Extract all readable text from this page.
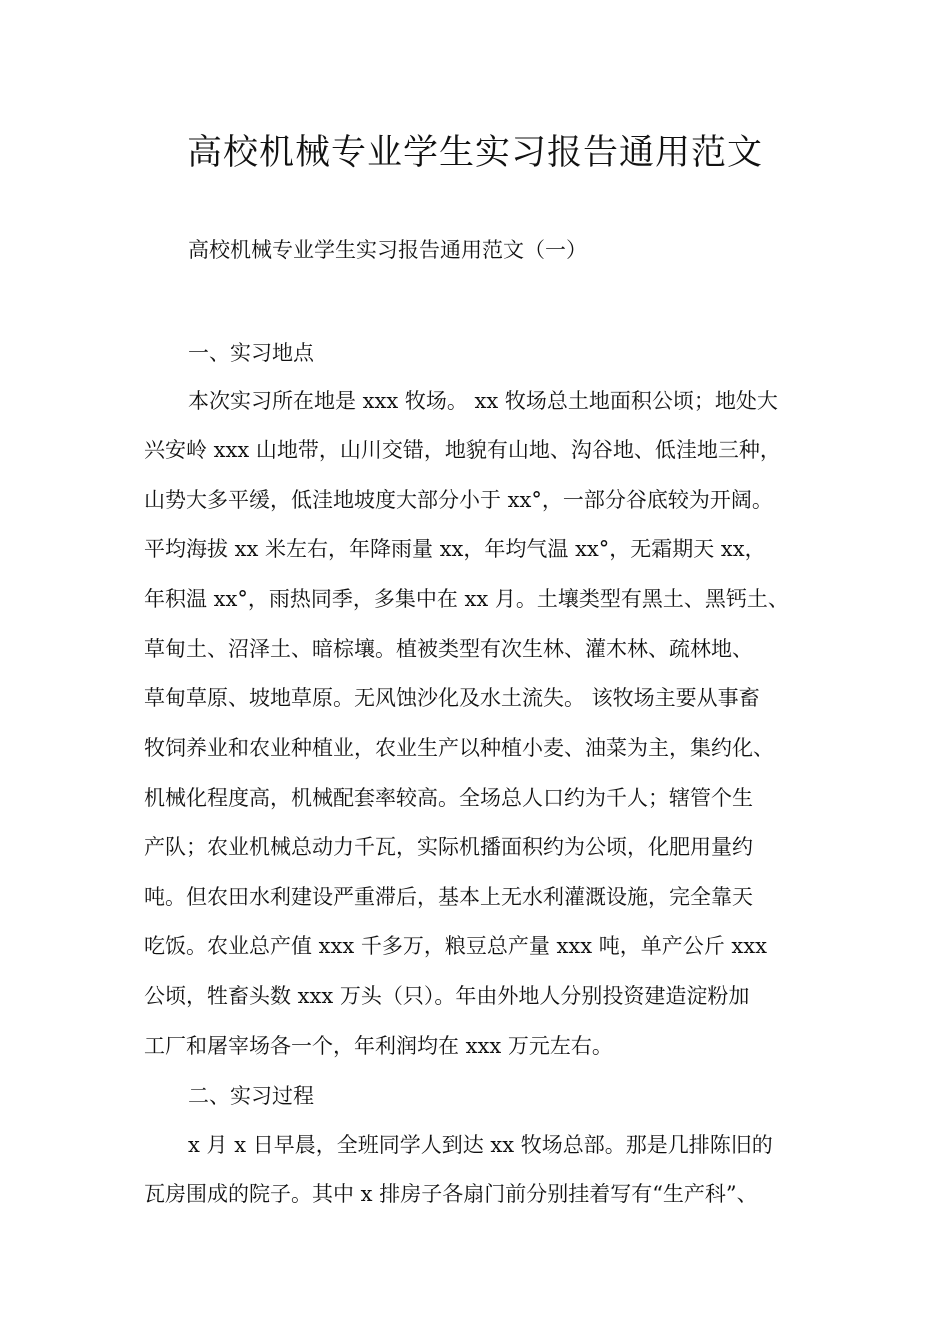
高校机械专业学生实习报告通用范文

高校机械专业学生实习报告通用范文（一）

一、实习地点

本次实习所在地是 xxx 牧场。 xx 牧场总土地面积公顷；地处大

兴安岭 xxx 山地带，山川交错，地貌有山地、沟谷地、低洼地三种，

山势大多平缓，低洼地坡度大部分小于 xx°，一部分谷底较为开阔。

平均海拔 xx 米左右，年降雨量 xx，年均气温 xx°，无霜期天 xx，

年积温 xx°，雨热同季，多集中在 xx 月。土壤类型有黑土、黑钙土、

草甸土、沼泽土、暗棕壤。植被类型有次生林、灌木林、疏林地、

草甸草原、坡地草原。无风蚀沙化及水土流失。 该牧场主要从事畜

牧饲养业和农业种植业，农业生产以种植小麦、油菜为主，集约化、

机械化程度高，机械配套率较高。全场总人口约为千人；辖管个生

产队；农业机械总动力千瓦，实际机播面积约为公顷，化肥用量约

吨。但农田水利建设严重滞后，基本上无水利灌溉设施，完全靠天

吃饭。农业总产值 xxx 千多万，粮豆总产量 xxx 吨，单产公斤 xxx

公顷，牲畜头数 xxx 万头（只）。年由外地人分别投资建造淀粉加

工厂和屠宰场各一个，年利润均在 xxx 万元左右。

二、实习过程

x 月 x 日早晨，全班同学人到达 xx 牧场总部。那是几排陈旧的

瓦房围成的院子。其中 x 排房子各扇门前分别挂着写有“生产科”、
